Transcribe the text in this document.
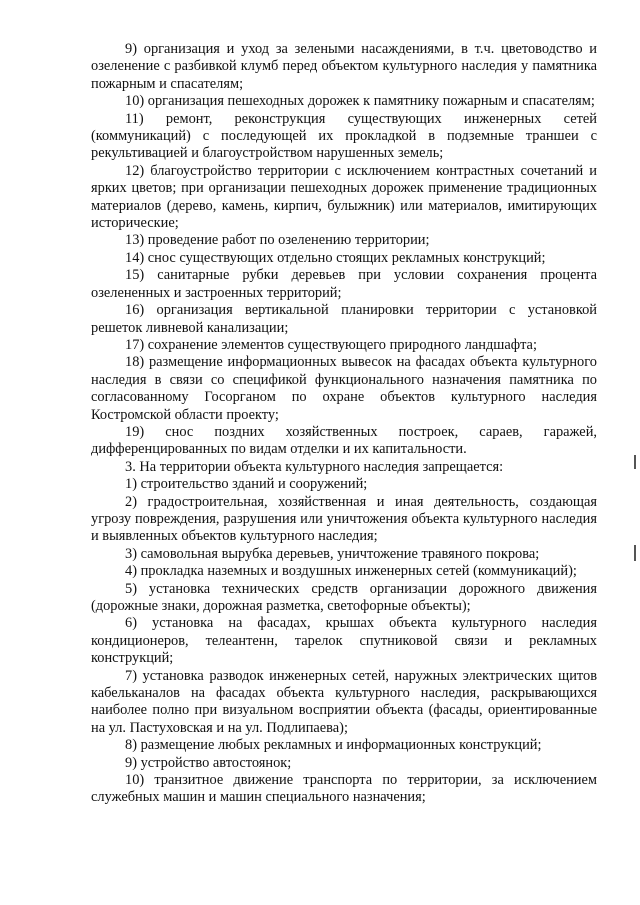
9) организация и уход за зелеными насаждениями, в т.ч. цветоводство и озеленение с разбивкой клумб перед объектом культурного наследия у памятника пожарным и спасателям;

10) организация пешеходных дорожек к памятнику пожарным и спасателям;

11) ремонт, реконструкция существующих инженерных сетей (коммуникаций) с последующей их прокладкой в подземные траншеи с рекультивацией и благоустройством нарушенных земель;

12) благоустройство территории с исключением контрастных сочетаний и ярких цветов; при организации пешеходных дорожек применение традиционных материалов (дерево, камень, кирпич, булыжник) или материалов, имитирующих исторические;

13) проведение работ по озеленению территории;

14) снос существующих отдельно стоящих рекламных конструкций;

15) санитарные рубки деревьев при условии сохранения процента озелененных и застроенных территорий;

16) организация вертикальной планировки территории с установкой решеток ливневой канализации;

17) сохранение элементов существующего природного ландшафта;

18) размещение информационных вывесок на фасадах объекта культурного наследия в связи со спецификой функционального назначения памятника по согласованному Госорганом по охране объектов культурного наследия Костромской области проекту;

19) снос поздних хозяйственных построек, сараев, гаражей, дифференцированных по видам отделки и их капитальности.

3. На территории объекта культурного наследия запрещается:

1) строительство зданий и сооружений;

2) градостроительная, хозяйственная и иная деятельность, создающая угрозу повреждения, разрушения или уничтожения объекта культурного наследия и выявленных объектов культурного наследия;

3) самовольная вырубка деревьев, уничтожение травяного покрова;

4) прокладка наземных и воздушных инженерных сетей (коммуникаций);

5) установка технических средств организации дорожного движения (дорожные знаки, дорожная разметка, светофорные объекты);

6) установка на фасадах, крышах объекта культурного наследия кондиционеров, телеантенн, тарелок спутниковой связи и рекламных конструкций;

7) установка разводок инженерных сетей, наружных электрических щитов кабельканалов на фасадах объекта культурного наследия, раскрывающихся наиболее полно при визуальном восприятии объекта (фасады, ориентированные на ул. Пастуховская и на ул. Подлипаева);

8) размещение любых рекламных и информационных конструкций;

9) устройство автостоянок;

10) транзитное движение транспорта по территории, за исключением служебных машин и машин специального назначения;
